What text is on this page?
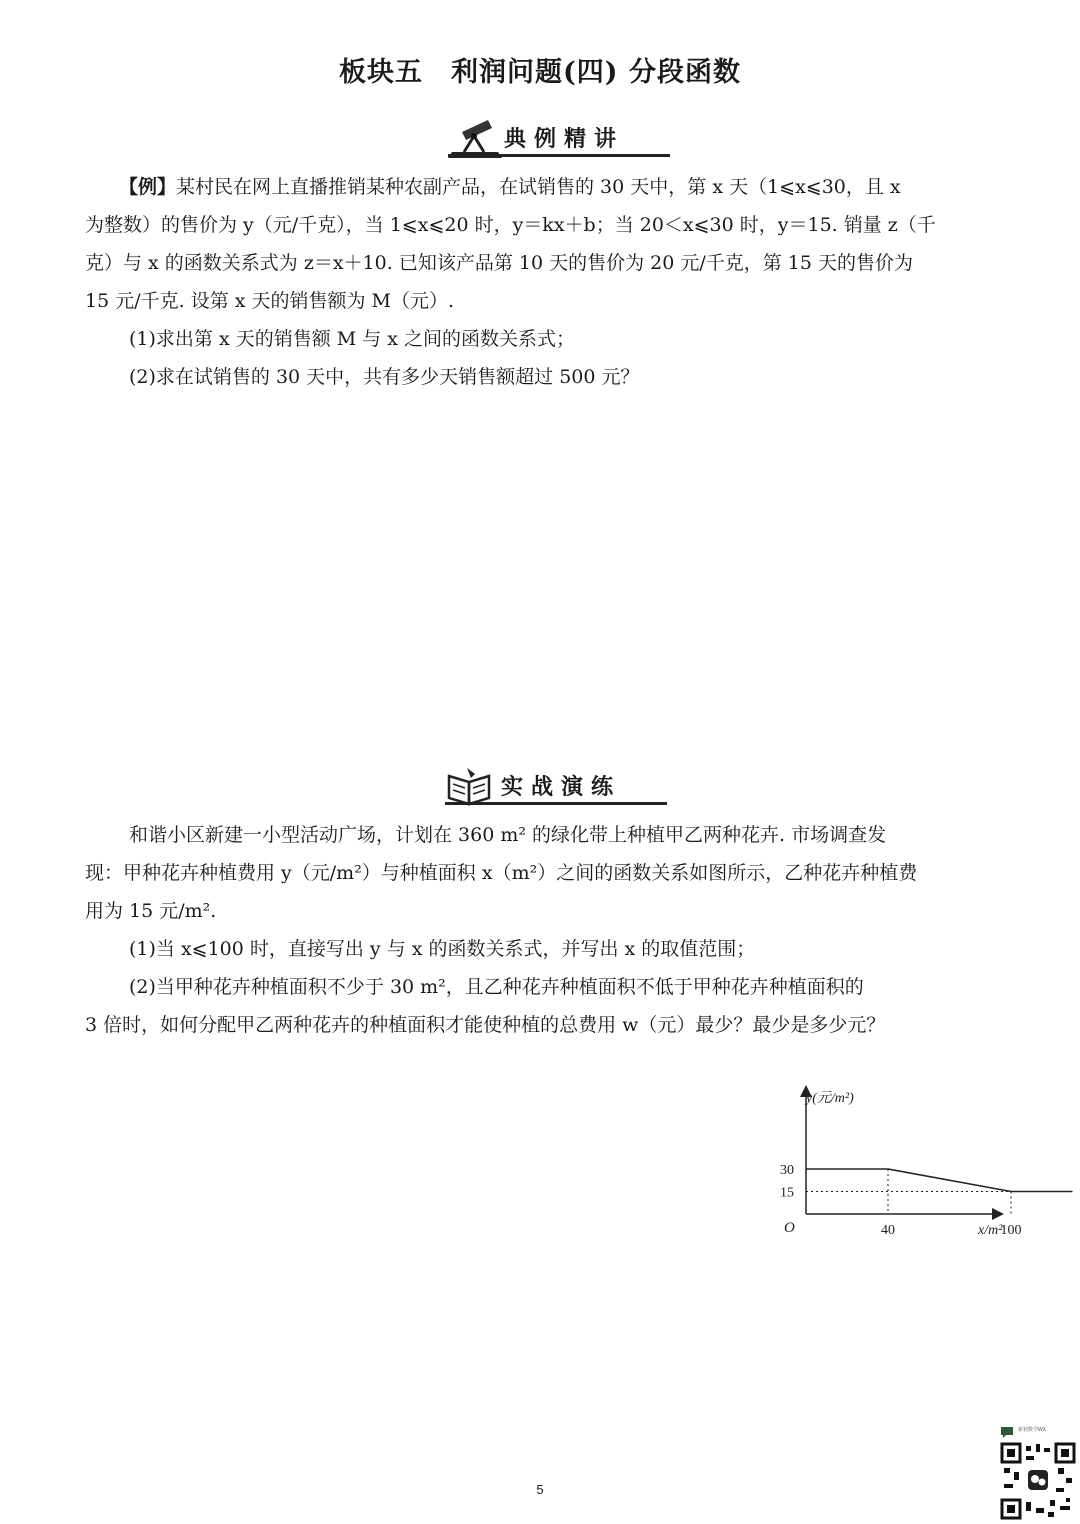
板块五　利润问题(四) 分段函数
典例精讲
【例】某村民在网上直播推销某种农副产品，在试销售的 30 天中，第 x 天（1⩽x⩽30，且 x
为整数）的售价为 y（元/千克），当 1⩽x⩽20 时，y＝kx＋b；当 20＜x⩽30 时，y＝15. 销量 z（千
克）与 x 的函数关系式为 z＝x＋10. 已知该产品第 10 天的售价为 20 元/千克，第 15 天的售价为
15 元/千克. 设第 x 天的销售额为 M（元）.
(1)求出第 x 天的销售额 M 与 x 之间的函数关系式；
(2)求在试销售的 30 天中，共有多少天销售额超过 500 元？
实战演练
和谐小区新建一小型活动广场，计划在 360 m² 的绿化带上种植甲乙两种花卉. 市场调查发
现：甲种花卉种植费用 y（元/m²）与种植面积 x（m²）之间的函数关系如图所示，乙种花卉种植费
用为 15 元/m².
(1)当 x⩽100 时，直接写出 y 与 x 的函数关系式，并写出 x 的取值范围；
(2)当甲种花卉种植面积不少于 30 m²，且乙种花卉种植面积不低于甲种花卉种植面积的
3 倍时，如何分配甲乙两种花卉的种植面积才能使种植的总费用 w（元）最少？最少是多少元？
y(元/m²)
x/m²
O	40	100
30
15
5
新初数学WX
